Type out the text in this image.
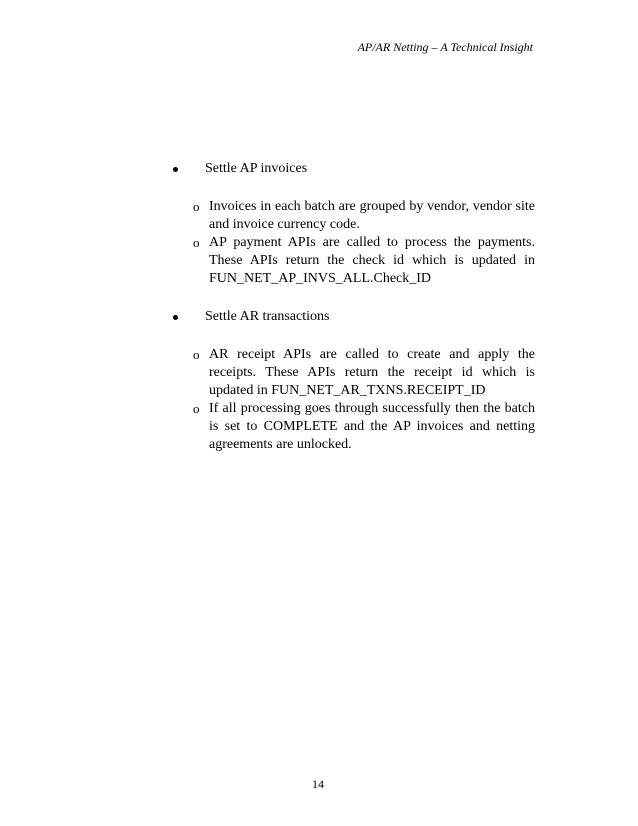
AP/AR Netting – A Technical Insight
Settle AP invoices
o Invoices in each batch are grouped by vendor, vendor site and invoice currency code.
o AP payment APIs are called to process the payments. These APIs return the check id which is updated in FUN_NET_AP_INVS_ALL.Check_ID
Settle AR transactions
o AR receipt APIs are called to create and apply the receipts. These APIs return the receipt id which is updated in FUN_NET_AR_TXNS.RECEIPT_ID
o If all processing goes through successfully then the batch is set to COMPLETE and the AP invoices and netting agreements are unlocked.
14
